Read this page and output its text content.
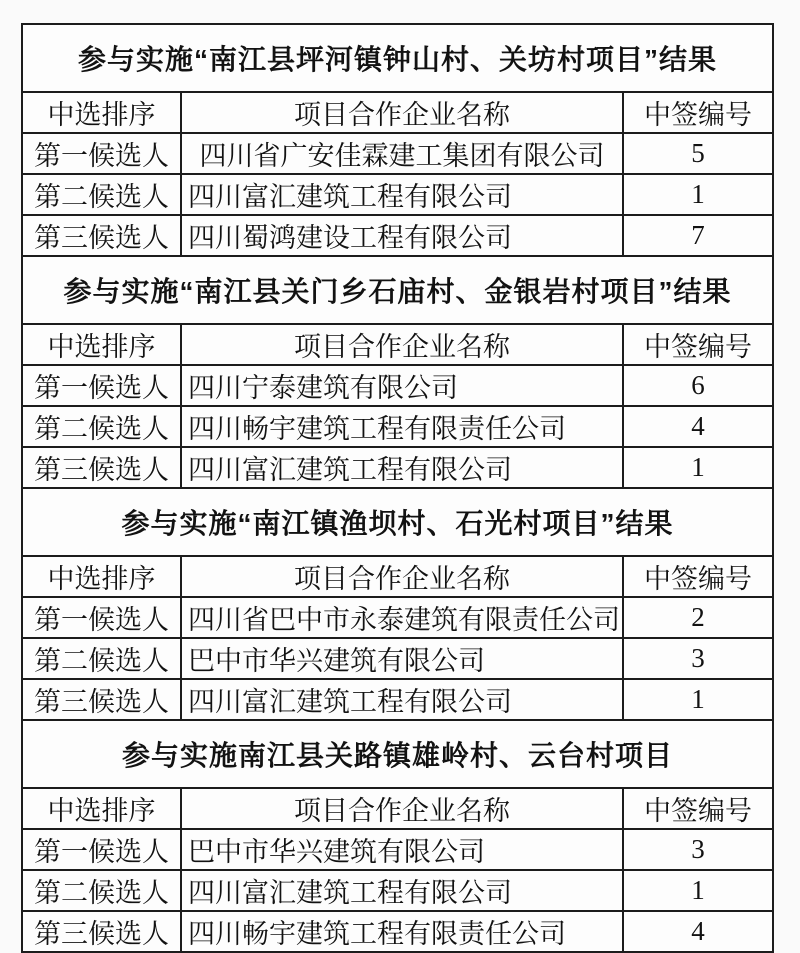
参与实施“南江县坪河镇钟山村、关坊村项目”结果		
中选排序	项目合作企业名称	中签编号
第一候选人	四川省广安佳霖建工集团有限公司	5
第二候选人	四川富汇建筑工程有限公司	1
第三候选人	四川蜀鸿建设工程有限公司	7
参与实施“南江县关门乡石庙村、金银岩村项目”结果		
中选排序	项目合作企业名称	中签编号
第一候选人	四川宁泰建筑有限公司	6
第二候选人	四川畅宇建筑工程有限责任公司	4
第三候选人	四川富汇建筑工程有限公司	1
参与实施“南江镇渔坝村、石光村项目”结果		
中选排序	项目合作企业名称	中签编号
第一候选人	四川省巴中市永泰建筑有限责任公司	2
第二候选人	巴中市华兴建筑有限公司	3
第三候选人	四川富汇建筑工程有限公司	1
参与实施南江县关路镇雄岭村、云台村项目		
中选排序	项目合作企业名称	中签编号
第一候选人	巴中市华兴建筑有限公司	3
第二候选人	四川富汇建筑工程有限公司	1
第三候选人	四川畅宇建筑工程有限责任公司	4
